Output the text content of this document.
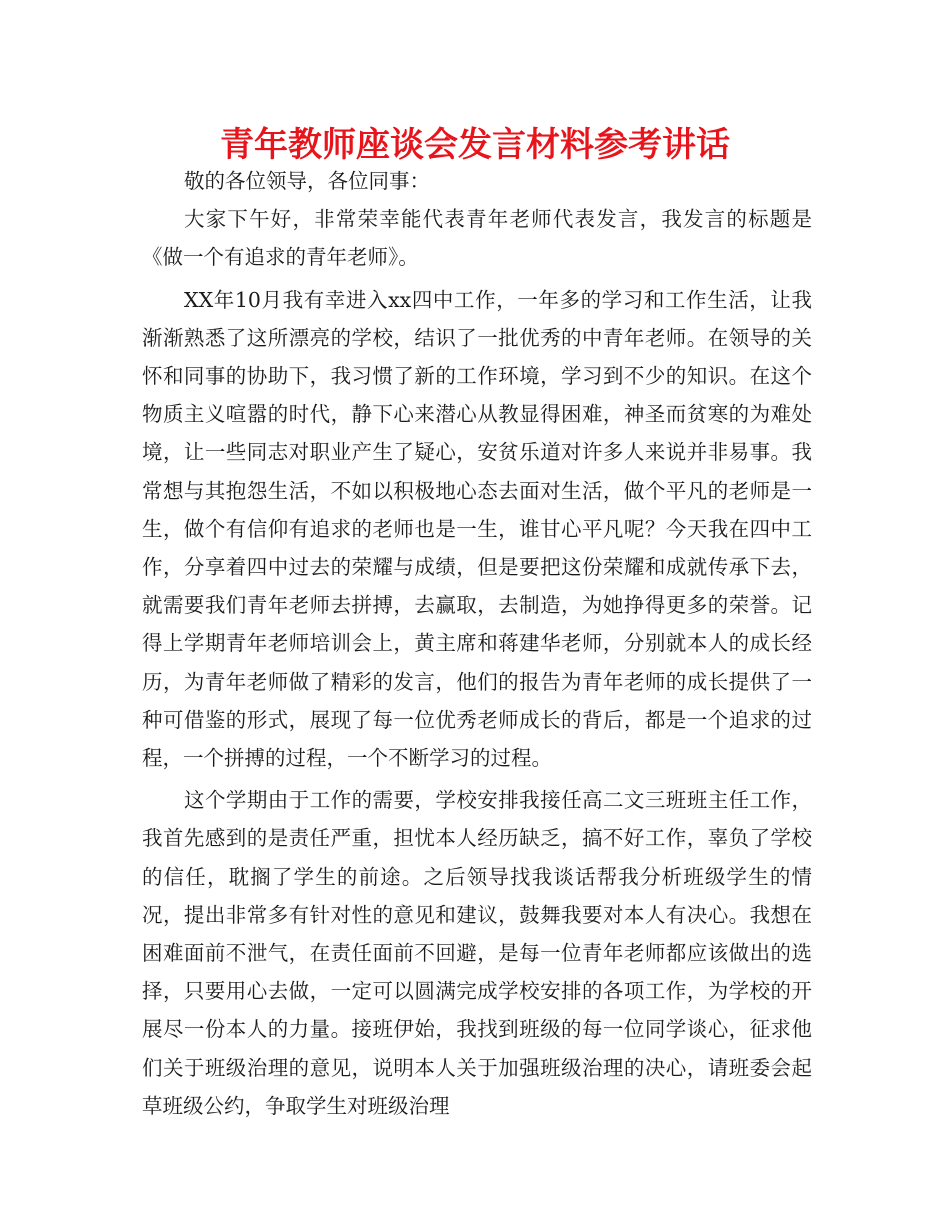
青年教师座谈会发言材料参考讲话

敬的各位领导，各位同事：

大家下午好，非常荣幸能代表青年老师代表发言，我发言的标题是《做一个有追求的青年老师》。

XX年10月我有幸进入xx四中工作，一年多的学习和工作生活，让我渐渐熟悉了这所漂亮的学校，结识了一批优秀的中青年老师。在领导的关怀和同事的协助下，我习惯了新的工作环境，学习到不少的知识。在这个物质主义喧嚣的时代，静下心来潜心从教显得困难，神圣而贫寒的为难处境，让一些同志对职业产生了疑心，安贫乐道对许多人来说并非易事。我常想与其抱怨生活，不如以积极地心态去面对生活，做个平凡的老师是一生，做个有信仰有追求的老师也是一生，谁甘心平凡呢？今天我在四中工作，分享着四中过去的荣耀与成绩，但是要把这份荣耀和成就传承下去，就需要我们青年老师去拼搏，去赢取，去制造，为她挣得更多的荣誉。记得上学期青年老师培训会上，黄主席和蒋建华老师，分别就本人的成长经历，为青年老师做了精彩的发言，他们的报告为青年老师的成长提供了一种可借鉴的形式，展现了每一位优秀老师成长的背后，都是一个追求的过程，一个拼搏的过程，一个不断学习的过程。

这个学期由于工作的需要，学校安排我接任高二文三班班主任工作，我首先感到的是责任严重，担忧本人经历缺乏，搞不好工作，辜负了学校的信任，耽搁了学生的前途。之后领导找我谈话帮我分析班级学生的情况，提出非常多有针对性的意见和建议，鼓舞我要对本人有决心。我想在困难面前不泄气，在责任面前不回避，是每一位青年老师都应该做出的选择，只要用心去做，一定可以圆满完成学校安排的各项工作，为学校的开展尽一份本人的力量。接班伊始，我找到班级的每一位同学谈心，征求他们关于班级治理的意见，说明本人关于加强班级治理的决心，请班委会起草班级公约，争取学生对班级治理
